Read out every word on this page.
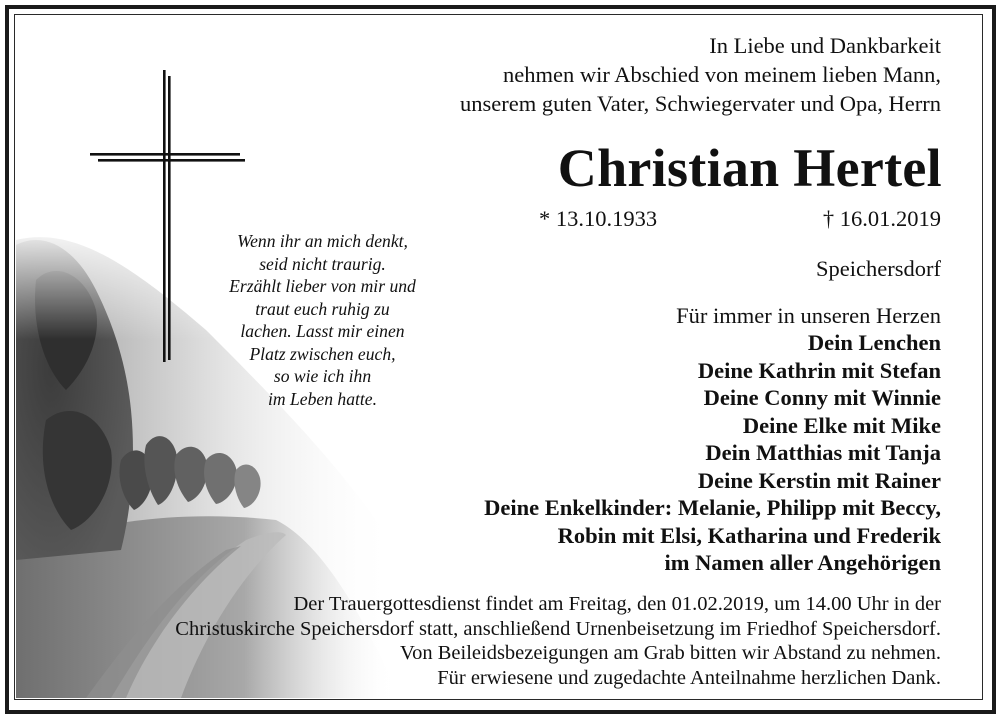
In Liebe und Dankbarkeit
nehmen wir Abschied von meinem lieben Mann,
unserem guten Vater, Schwiegervater und Opa, Herrn
Christian Hertel
* 13.10.1933	† 16.01.2019
Speichersdorf
Wenn ihr an mich denkt,
seid nicht traurig.
Erzählt lieber von mir und
traut euch ruhig zu
lachen. Lasst mir einen
Platz zwischen euch,
so wie ich ihn
im Leben hatte.
Für immer in unseren Herzen
Dein Lenchen
Deine Kathrin mit Stefan
Deine Conny mit Winnie
Deine Elke mit Mike
Dein Matthias mit Tanja
Deine Kerstin mit Rainer
Deine Enkelkinder: Melanie, Philipp mit Beccy,
Robin mit Elsi, Katharina und Frederik
im Namen aller Angehörigen
Der Trauergottesdienst findet am Freitag, den 01.02.2019, um 14.00 Uhr in der
Christuskirche Speichersdorf statt, anschließend Urnenbeisetzung im Friedhof Speichersdorf.
Von Beileidsbezeigungen am Grab bitten wir Abstand zu nehmen.
Für erwiesene und zugedachte Anteilnahme herzlichen Dank.
